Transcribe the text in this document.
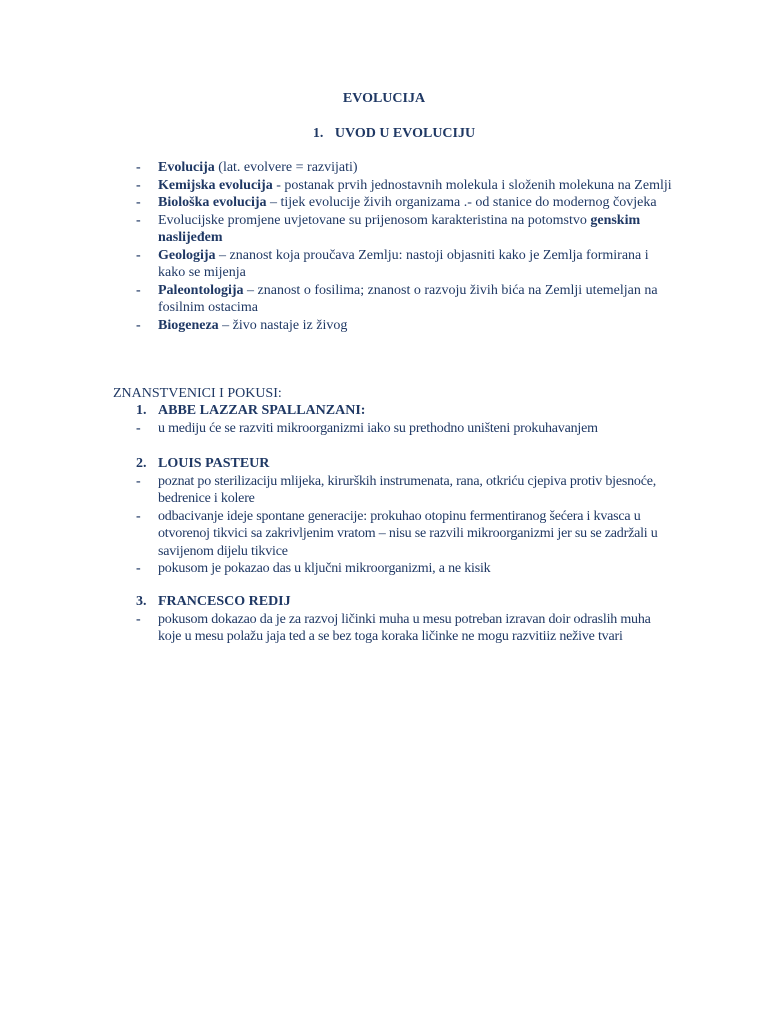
EVOLUCIJA
1. UVOD U EVOLUCIJU
- Evolucija (lat. evolvere = razvijati)
- Kemijska evolucija - postanak prvih jednostavnih molekula i složenih molekuna na Zemlji
- Biološka evolucija – tijek evolucije živih organizama .- od stanice do modernog čovjeka
- Evolucijske promjene uvjetovane su prijenosom karakteristina na potomstvo genskim naslijeđem
- Geologija – znanost koja proučava Zemlju: nastoji objasniti kako je Zemlja formirana i kako se mijenja
- Paleontologija – znanost o fosilima; znanost o razvoju živih bića na Zemlji utemeljan na fosilnim ostacima
- Biogeneza – živo nastaje iz živog
ZNANSTVENICI I POKUSI:
1. ABBE LAZZAR SPALLANZANI:
- u mediju će se razviti mikroorganizmi iako su prethodno uništeni prokuhavanjem
2. LOUIS PASTEUR
- poznat po sterilizaciju mlijeka, kirurških instrumenata, rana, otkriću cjepiva protiv bjesnoće, bedrenice i kolere
- odbacivanje ideje spontane generacije: prokuhao otopinu fermentiranog šećera i kvasca u otvorenoj tikvici sa zakrivljenim vratom – nisu se razvili mikroorganizmi jer su se zadržali u savijenom dijelu tikvice
- pokusom je pokazao das u ključni mikroorganizmi, a ne kisik
3. FRANCESCO REDIJ
- pokusom dokazao da je za razvoj ličinki muha u mesu potreban izravan doir odraslih muha koje u mesu polažu jaja ted a se bez toga koraka ličinke ne mogu razvitiiz nežive tvari
